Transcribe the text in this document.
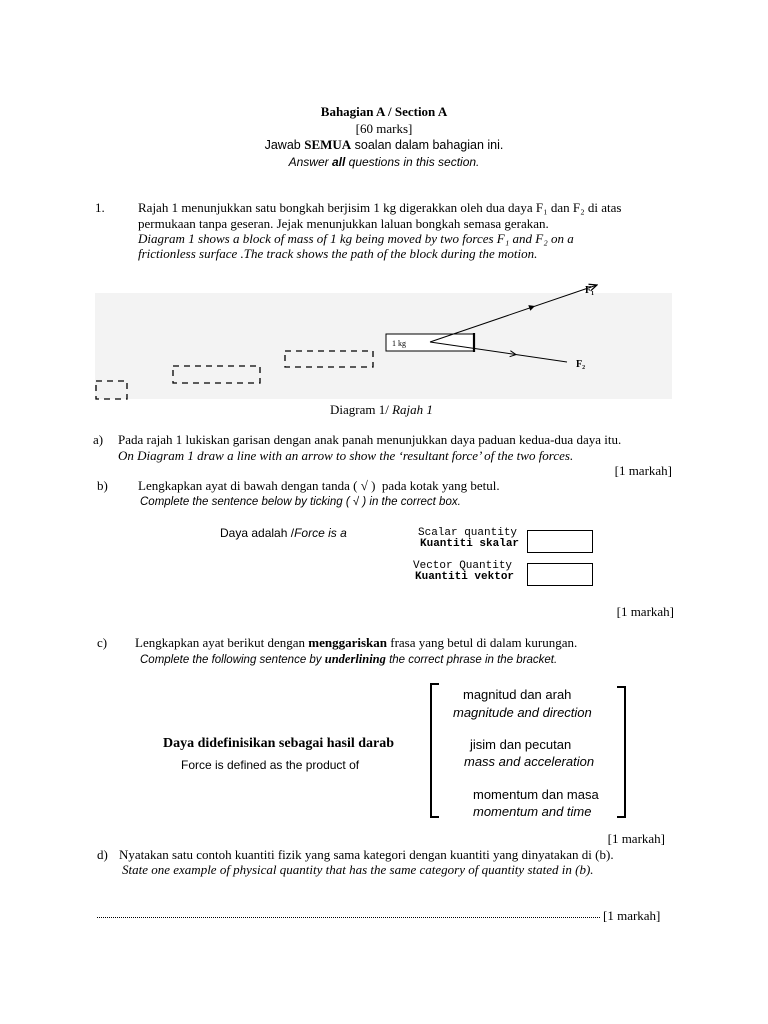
Bahagian A / Section A
[60 marks]
Jawab SEMUA soalan dalam bahagian ini.
Answer all questions in this section.
1.	Rajah 1 menunjukkan satu bongkah berjisim 1 kg digerakkan oleh dua daya F₁ dan F₂ di atas
permukaan tanpa geseran. Jejak menunjukkan laluan bongkah semasa gerakan.
Diagram 1 shows a block of mass of 1 kg being moved by two forces F₁ and F₂ on a
frictionless surface .The track shows the path of the block during the motion.
1 kg
F₁
F₂
Diagram 1/ Rajah 1
a) Pada rajah 1 lukiskan garisan dengan anak panah menunjukkan daya paduan kedua-dua daya itu.
On Diagram 1 draw a line with an arrow to show the ‘resultant force’ of the two forces.
[1 markah]
b) Lengkapkan ayat di bawah dengan tanda ( √ )  pada kotak yang betul.
Complete the sentence below by ticking ( √ ) in the correct box.
Daya adalah /Force is a	Scalar quantity
Kuantiti skalar
Vector Quantity
Kuantiti vektor
[1 markah]
c) Lengkapkan ayat berikut dengan menggariskan frasa yang betul di dalam kurungan.
Complete the following sentence by underlining the correct phrase in the bracket.
Daya didefinisikan sebagai hasil darab
Force is defined as the product of
magnitud dan arah
magnitude and direction
jisim dan pecutan
mass and acceleration
momentum dan masa
momentum and time
[1 markah]
d) Nyatakan satu contoh kuantiti fizik yang sama kategori dengan kuantiti yang dinyatakan di (b).
State one example of physical quantity that has the same category of quantity stated in (b).
[1 markah]
